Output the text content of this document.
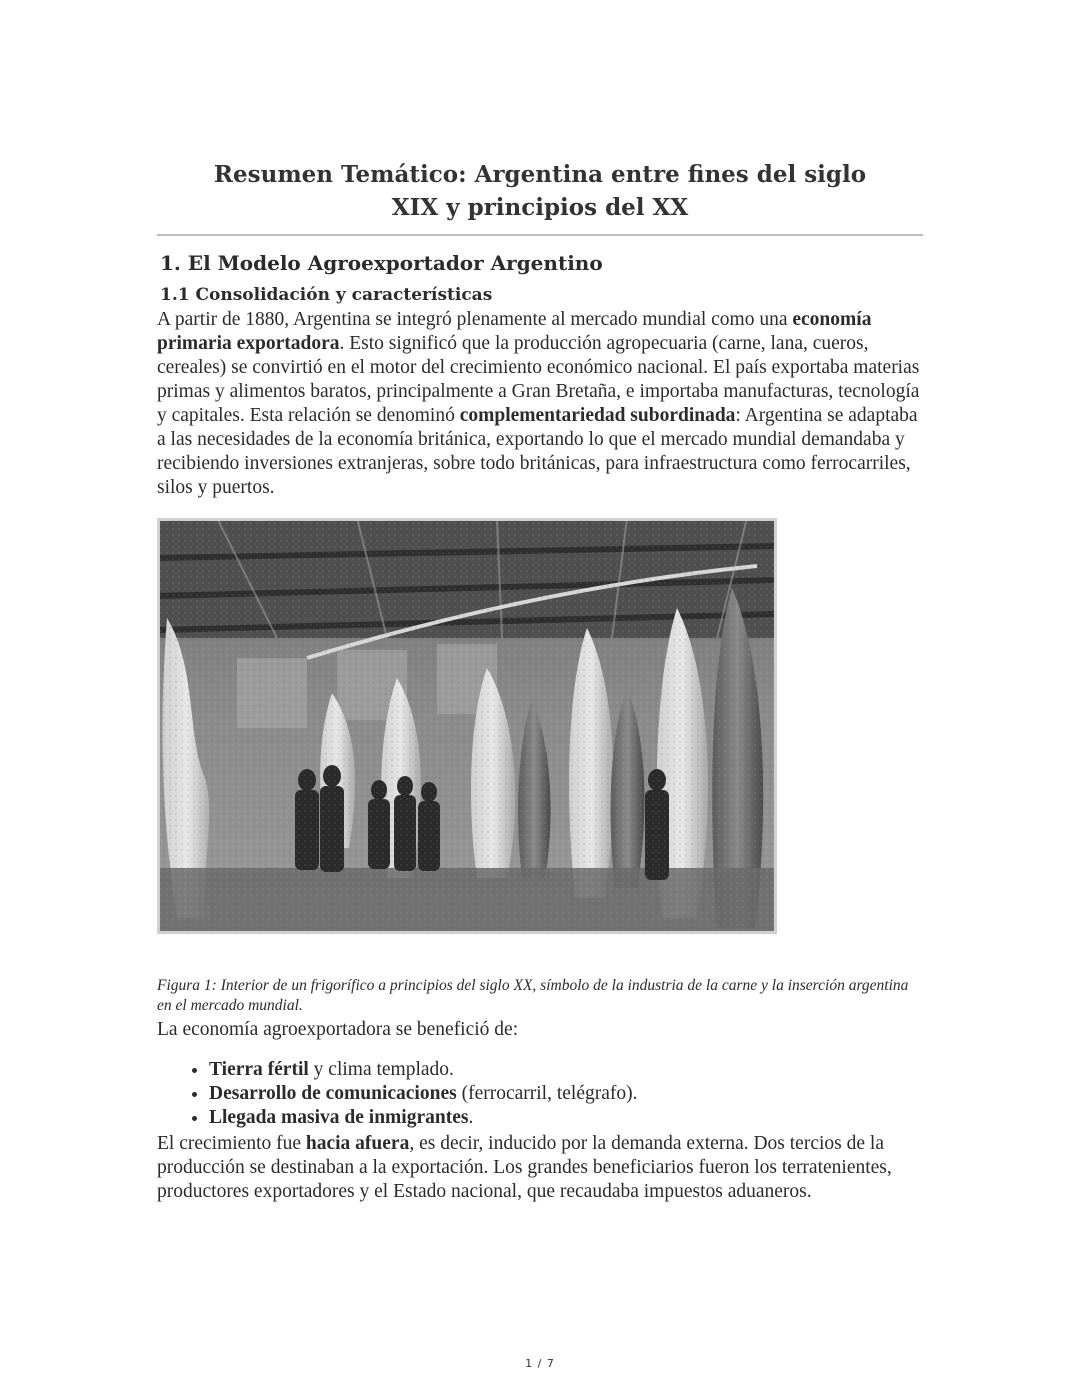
Resumen Temático: Argentina entre fines del siglo XIX y principios del XX
1. El Modelo Agroexportador Argentino
1.1 Consolidación y características

A partir de 1880, Argentina se integró plenamente al mercado mundial como una economía primaria exportadora. Esto significó que la producción agropecuaria (carne, lana, cueros, cereales) se convirtió en el motor del crecimiento económico nacional. El país exportaba materias primas y alimentos baratos, principalmente a Gran Bretaña, e importaba manufacturas, tecnología y capitales. Esta relación se denominó complementariedad subordinada: Argentina se adaptaba a las necesidades de la economía británica, exportando lo que el mercado mundial demandaba y recibiendo inversiones extranjeras, sobre todo británicas, para infraestructura como ferrocarriles, silos y puertos.

Figura 1: Interior de un frigorífico a principios del siglo XX, símbolo de la industria de la carne y la inserción argentina en el mercado mundial.

La economía agroexportadora se benefició de:

• Tierra fértil y clima templado.
• Desarrollo de comunicaciones (ferrocarril, telégrafo).
• Llegada masiva de inmigrantes.

El crecimiento fue hacia afuera, es decir, inducido por la demanda externa. Dos tercios de la producción se destinaban a la exportación. Los grandes beneficiarios fueron los terratenientes, productores exportadores y el Estado nacional, que recaudaba impuestos aduaneros.

1 / 7
